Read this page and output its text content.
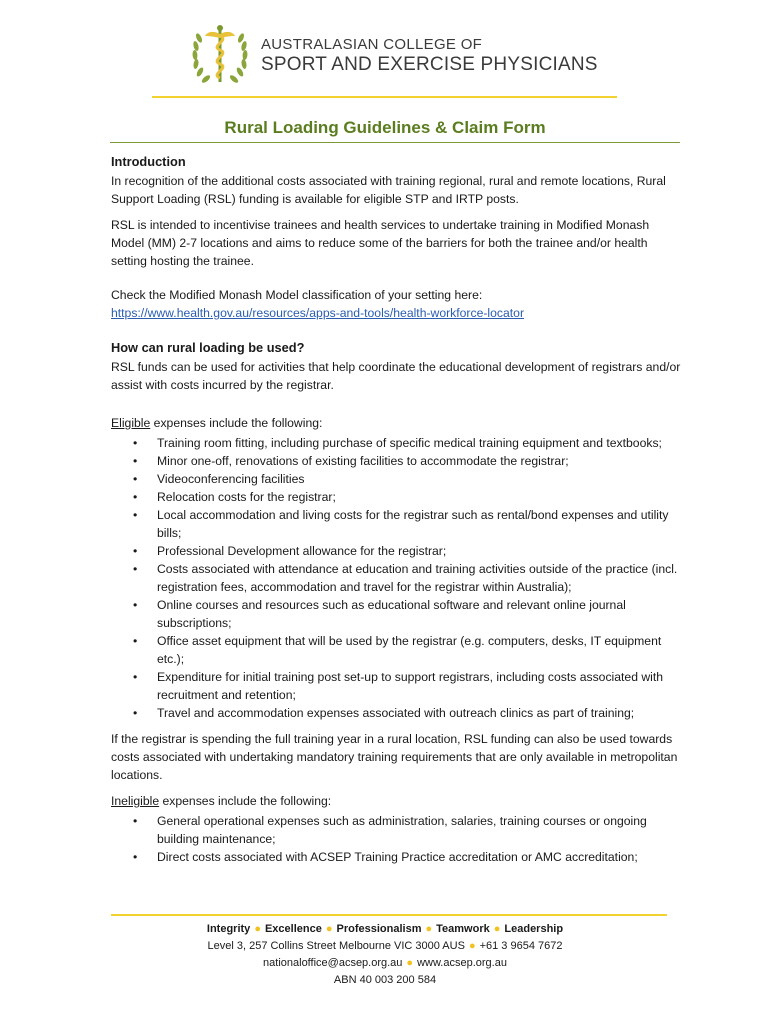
AUSTRALASIAN COLLEGE OF
SPORT AND EXERCISE PHYSICIANS
Rural Loading Guidelines & Claim Form
Introduction

In recognition of the additional costs associated with training regional, rural and remote locations, Rural Support Loading (RSL) funding is available for eligible STP and IRTP posts.

RSL is intended to incentivise trainees and health services to undertake training in Modified Monash Model (MM) 2-7 locations and aims to reduce some of the barriers for both the trainee and/or health setting hosting the trainee.

Check the Modified Monash Model classification of your setting here:

https://www.health.gov.au/resources/apps-and-tools/health-workforce-locator

How can rural loading be used?

RSL funds can be used for activities that help coordinate the educational development of registrars and/or assist with costs incurred by the registrar.

Eligible expenses include the following:

• Training room fitting, including purchase of specific medical training equipment and textbooks;
• Minor one-off, renovations of existing facilities to accommodate the registrar;
• Videoconferencing facilities
• Relocation costs for the registrar;
• Local accommodation and living costs for the registrar such as rental/bond expenses and utility bills;
• Professional Development allowance for the registrar;
• Costs associated with attendance at education and training activities outside of the practice (incl. registration fees, accommodation and travel for the registrar within Australia);
• Online courses and resources such as educational software and relevant online journal subscriptions;
• Office asset equipment that will be used by the registrar (e.g. computers, desks, IT equipment etc.);
• Expenditure for initial training post set-up to support registrars, including costs associated with recruitment and retention;
• Travel and accommodation expenses associated with outreach clinics as part of training;

If the registrar is spending the full training year in a rural location, RSL funding can also be used towards costs associated with undertaking mandatory training requirements that are only available in metropolitan locations.

Ineligible expenses include the following:

• General operational expenses such as administration, salaries, training courses or ongoing building maintenance;
• Direct costs associated with ACSEP Training Practice accreditation or AMC accreditation;
Integrity ● Excellence ● Professionalism ● Teamwork ● Leadership
Level 3, 257 Collins Street Melbourne VIC 3000 AUS ● +61 3 9654 7672
nationaloffice@acsep.org.au ● www.acsep.org.au
ABN 40 003 200 584
